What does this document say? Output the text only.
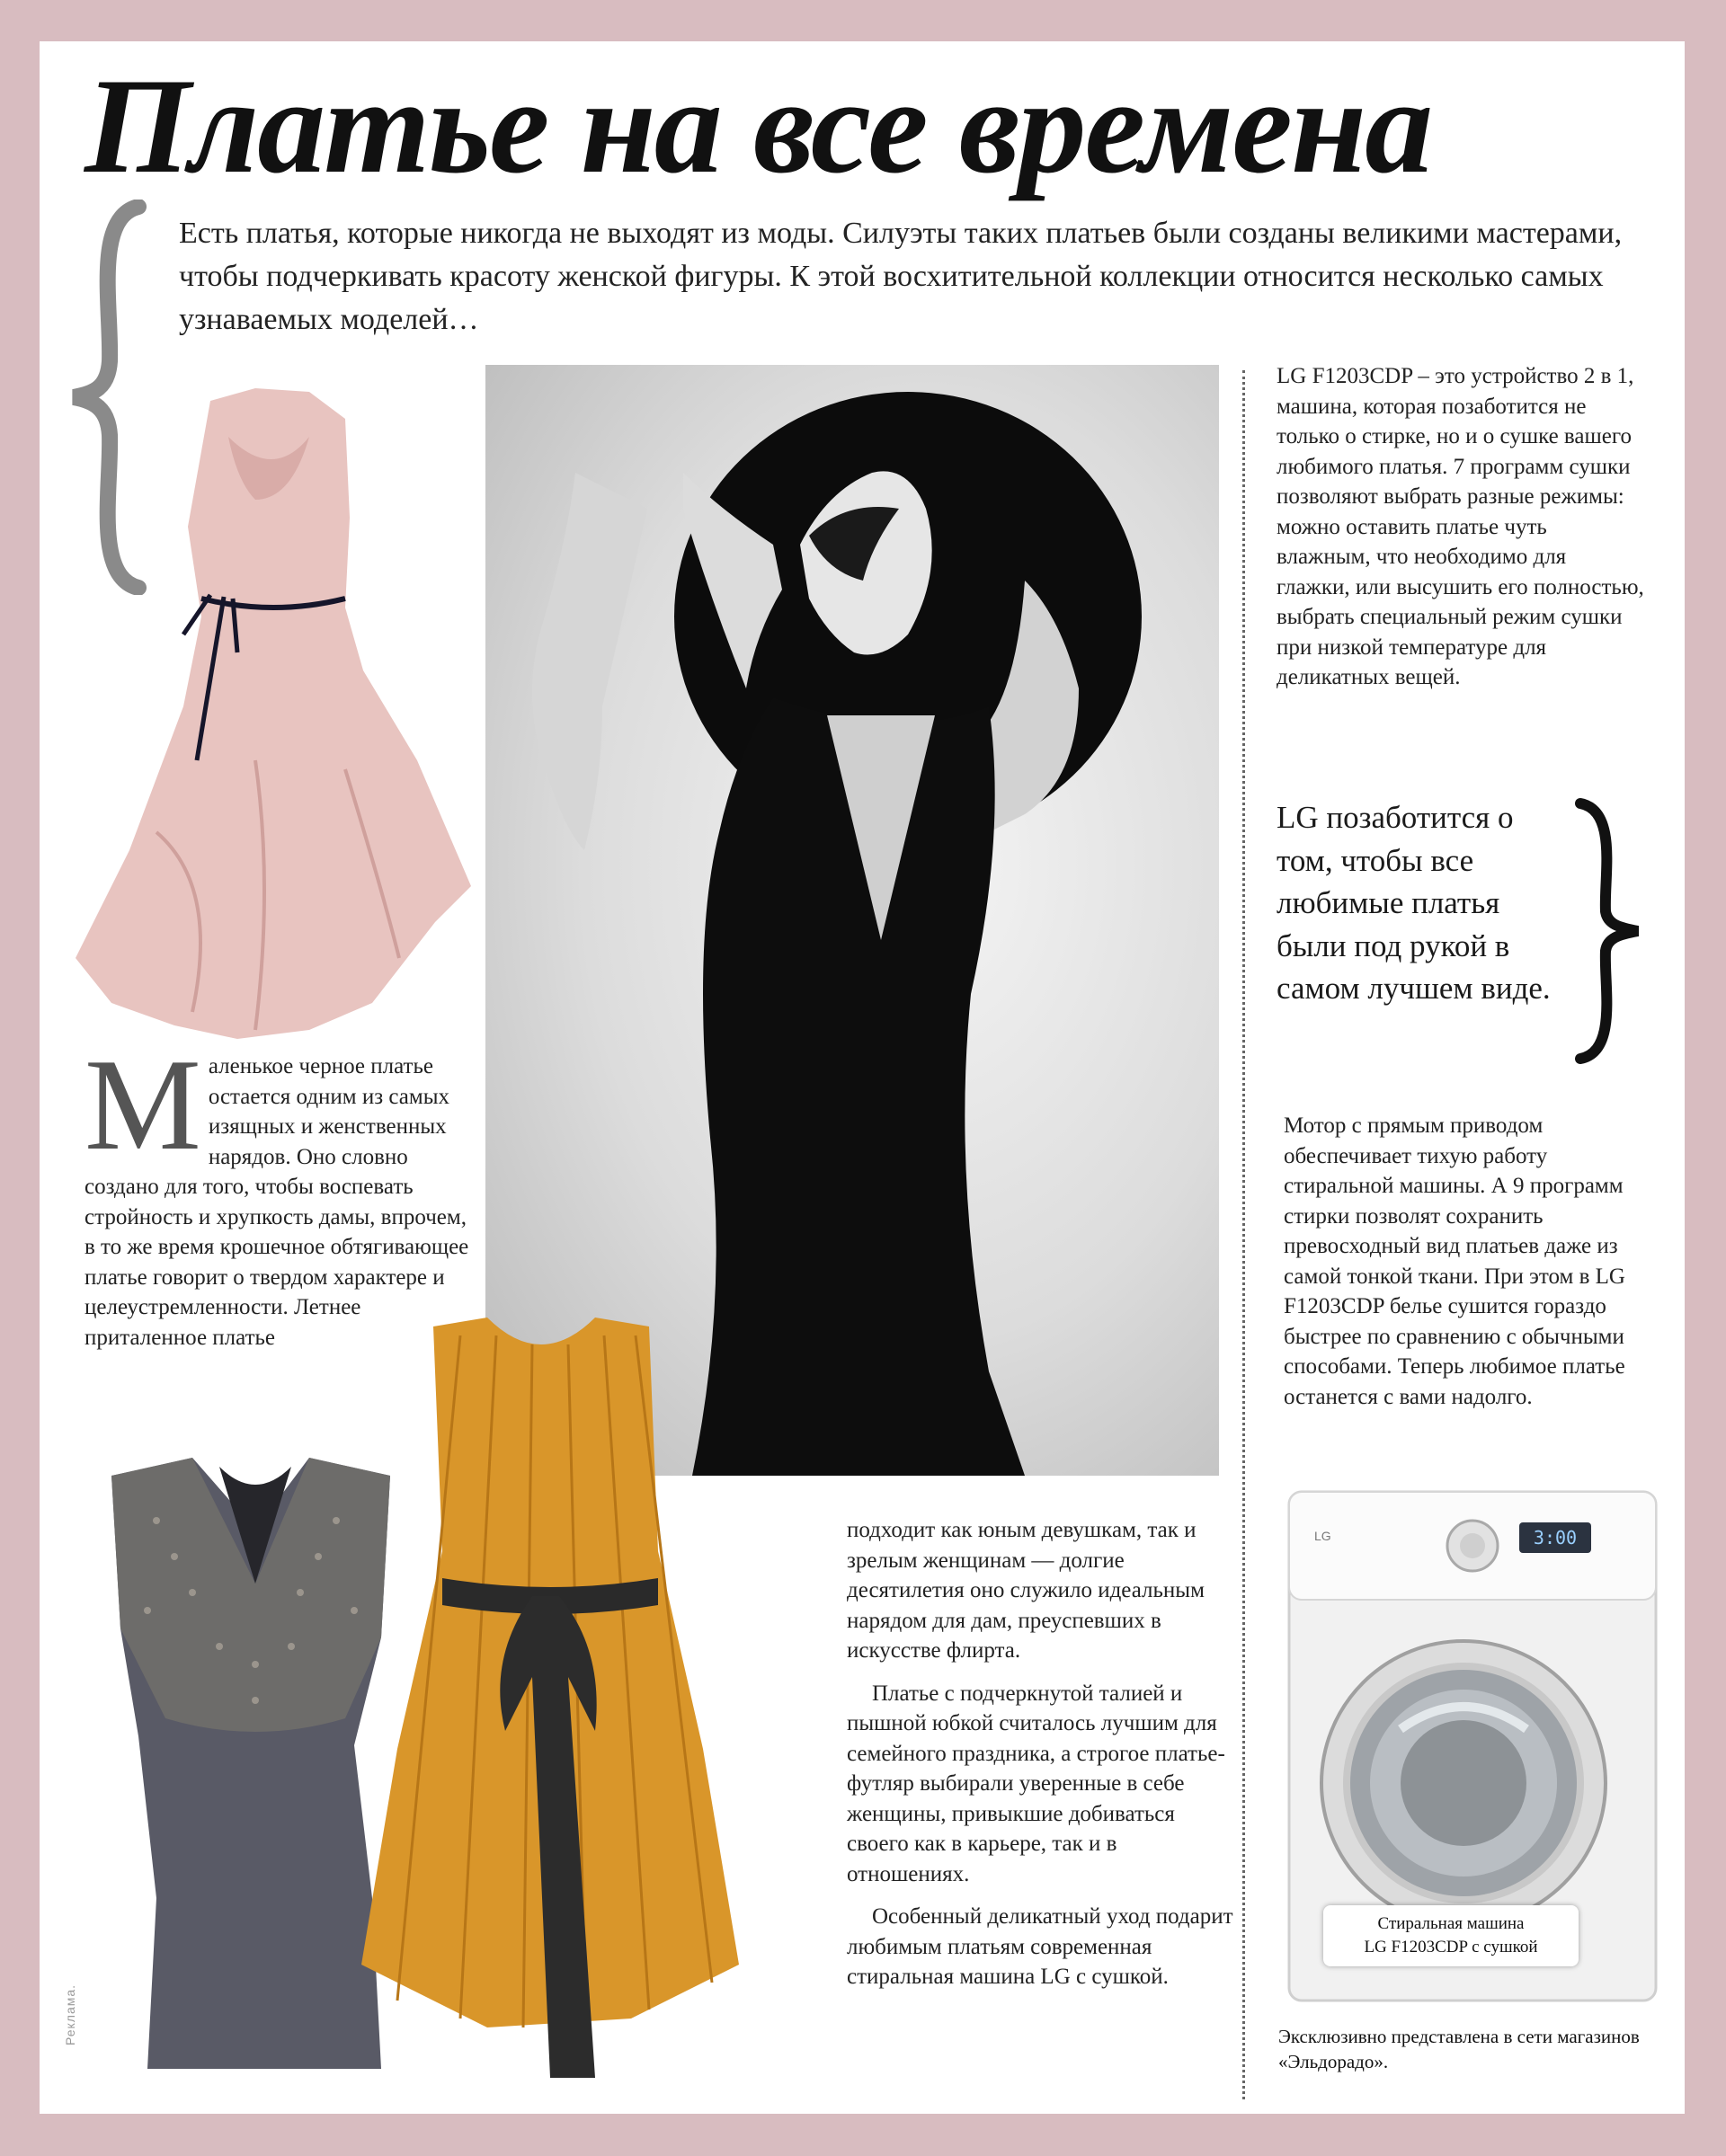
Платье на все времена

Есть платья, которые никогда не выходят из моды. Силуэты таких платьев были созданы великими мастерами, чтобы подчеркивать красоту женской фигуры. К этой восхитительной коллекции относится несколько самых узнаваемых моделей…

М аленькое черное платье остается одним из самых изящных и женственных нарядов. Оно словно создано для того, чтобы воспевать стройность и хрупкость дамы, впрочем, в то же время крошечное обтягивающее платье говорит о твердом характере и целеустремленности. Летнее приталенное платье

подходит как юным девушкам, так и зрелым женщинам — долгие десятилетия оно служило идеальным нарядом для дам, преуспевших в искусстве флирта.

Платье с подчеркнутой талией и пышной юбкой считалось лучшим для семейного праздника, а строгое платье-футляр выбирали уверенные в себе женщины, привыкшие добиваться своего как в карьере, так и в отношениях.

Особенный деликатный уход подарит любимым платьям современная стиральная машина LG с сушкой.

LG F1203CDP – это устройство 2 в 1, машина, которая позаботится не только о стирке, но и о сушке вашего любимого платья. 7 программ сушки позволяют выбрать разные режимы: можно оставить платье чуть влажным, что необходимо для глажки, или высушить его полностью, выбрать специальный режим сушки при низкой температуре для деликатных вещей.

LG позаботится о том, чтобы все любимые платья были под рукой в самом лучшем виде.

Мотор с прямым приводом обеспечивает тихую работу стиральной машины. А 9 программ стирки позволят сохранить превосходный вид платьев даже из самой тонкой ткани. При этом в LG F1203CDP белье сушится гораздо быстрее по сравнению с обычными способами. Теперь любимое платье останется с вами надолго.

3:00
LG
Стиральная машина
LG F1203CDP с сушкой
Эксклюзивно представлена в сети магазинов «Эльдорадо».
Реклама.
